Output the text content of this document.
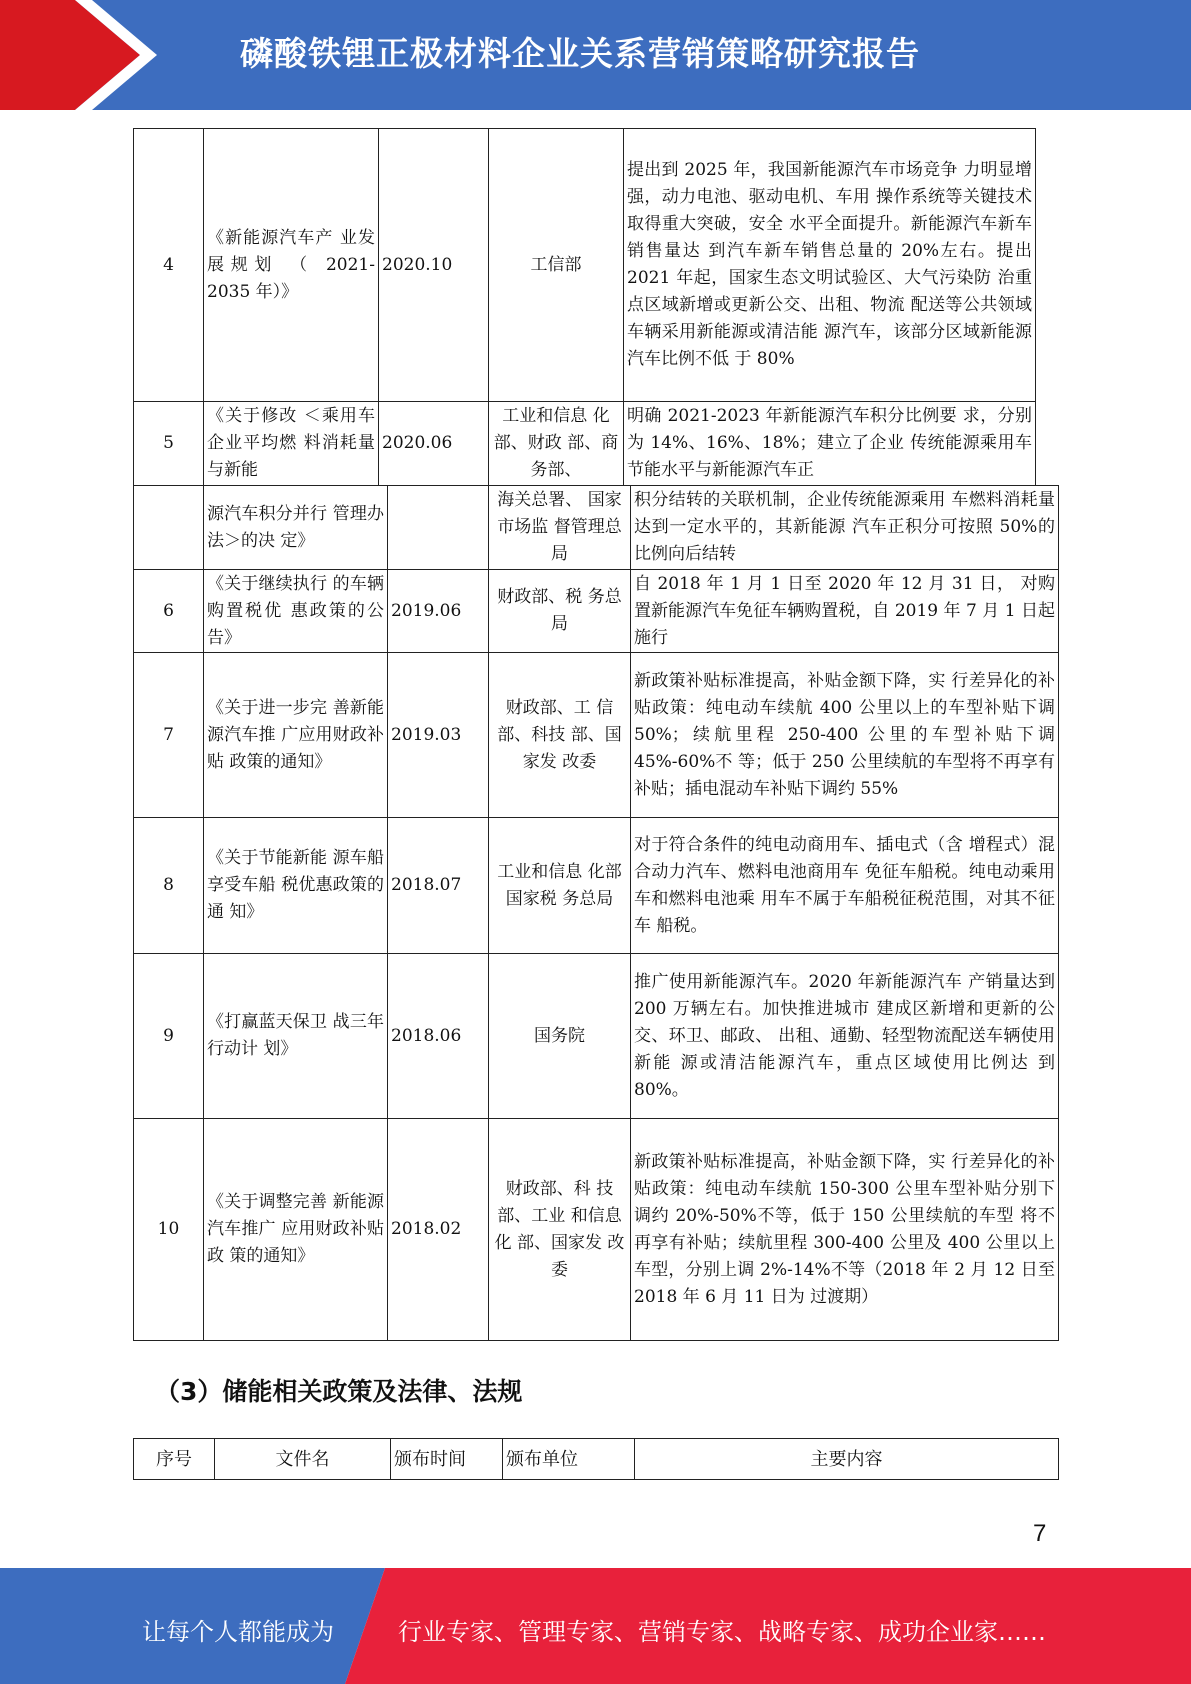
磷酸铁锂正极材料企业关系营销策略研究报告
4	《新能源汽车产 业发展规划 （ 2021-2035 年）》	2020.10	工信部	提出到 2025 年，我国新能源汽车市场竞争 力明显增强，动力电池、驱动电机、车用 操作系统等关键技术取得重大突破，安全 水平全面提升。新能源汽车新车销售量达 到汽车新车销售总量的 20%左右。提出 2021 年起，国家生态文明试验区、大气污染防 治重点区域新增或更新公交、出租、物流 配送等公共领域车辆采用新能源或清洁能 源汽车，该部分区域新能源汽车比例不低 于 80%
5	《关于修改 ＜乘用车企业平均燃 料消耗量与新能	2020.06	工业和信息 化部、财政 部、商务部、	明确 2021-2023 年新能源汽车积分比例要 求，分别为 14%、16%、18%；建立了企业 传统能源乘用车节能水平与新能源汽车正
	源汽车积分并行 管理办法＞的决 定》		海关总署、 国家市场监 督管理总局	积分结转的关联机制，企业传统能源乘用 车燃料消耗量达到一定水平的，其新能源 汽车正积分可按照 50%的比例向后结转
6	《关于继续执行 的车辆购置税优 惠政策的公告》	2019.06	财政部、税 务总局	自 2018 年 1 月 1 日至 2020 年 12 月 31 日， 对购置新能源汽车免征车辆购置税，自 2019 年 7 月 1 日起施行
7	《关于进一步完 善新能源汽车推 广应用财政补贴 政策的通知》	2019.03	财政部、工 信部、科技 部、国家发 改委	新政策补贴标准提高，补贴金额下降，实 行差异化的补贴政策：纯电动车续航 400 公里以上的车型补贴下调 50%；续航里程 250-400 公里的车型补贴下调 45%-60%不 等；低于 250 公里续航的车型将不再享有 补贴；插电混动车补贴下调约 55%
8	《关于节能新能 源车船享受车船 税优惠政策的通 知》	2018.07	工业和信息 化部国家税 务总局	对于符合条件的纯电动商用车、插电式（含 增程式）混合动力汽车、燃料电池商用车 免征车船税。纯电动乘用车和燃料电池乘 用车不属于车船税征税范围，对其不征车 船税。
9	《打赢蓝天保卫 战三年行动计 划》	2018.06	国务院	推广使用新能源汽车。2020 年新能源汽车 产销量达到 200 万辆左右。加快推进城市 建成区新增和更新的公交、环卫、邮政、 出租、通勤、轻型物流配送车辆使用新能 源或清洁能源汽车，重点区域使用比例达 到 80%。
10	《关于调整完善 新能源汽车推广 应用财政补贴政 策的通知》	2018.02	财政部、科 技部、工业 和信息化 部、国家发 改委	新政策补贴标准提高，补贴金额下降，实 行差异化的补贴政策：纯电动车续航 150-300 公里车型补贴分别下调约 20%-50%不等，低于 150 公里续航的车型 将不再享有补贴；续航里程 300-400 公里及 400 公里以上车型，分别上调 2%-14%不等（2018 年 2 月 12 日至 2018 年 6 月 11 日为 过渡期）
（3）储能相关政策及法律、法规
序号	文件名	颁布时间	颁布单位	主要内容
7
让每个人都能成为	行业专家、管理专家、营销专家、战略专家、成功企业家……
